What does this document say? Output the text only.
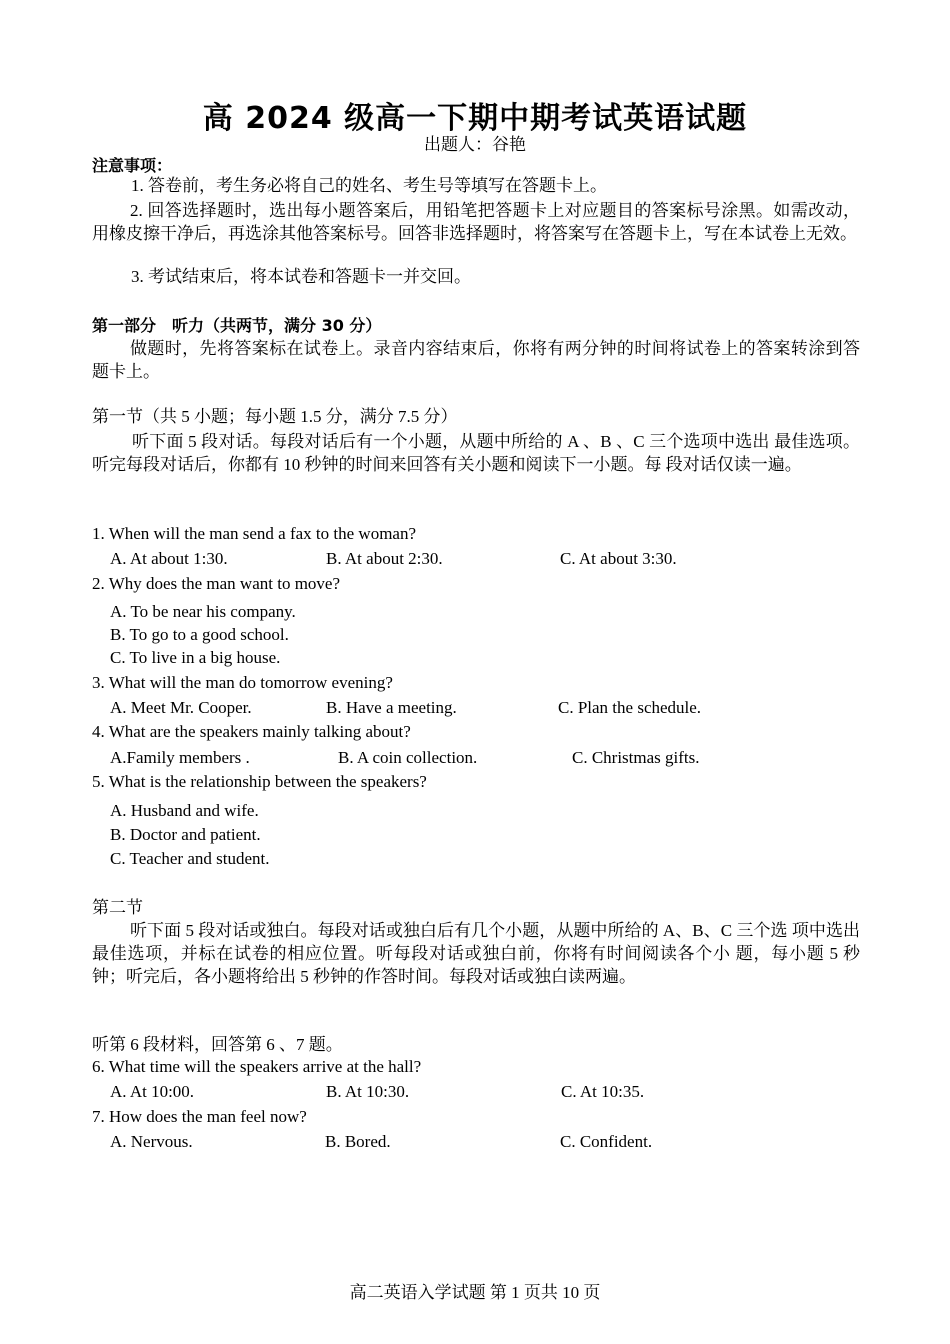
高 2024 级高一下期中期考试英语试题
出题人：谷艳
注意事项：
1. 答卷前，考生务必将自己的姓名、考生号等填写在答题卡上。
2. 回答选择题时，选出每小题答案后，用铅笔把答题卡上对应题目的答案标号涂黑。如需改动，用橡皮擦干净后，再选涂其他答案标号。回答非选择题时，将答案写在答题卡上，写在本试卷上无效。
3. 考试结束后，将本试卷和答题卡一并交回。
第一部分　听力（共两节，满分 30 分）
做题时，先将答案标在试卷上。录音内容结束后，你将有两分钟的时间将试卷上的答案转涂到答题卡上。
第一节（共 5 小题；每小题 1.5 分，满分 7.5 分）
听下面 5 段对话。每段对话后有一个小题，从题中所给的 A 、B 、C 三个选项中选出 最佳选项。听完每段对话后，你都有 10 秒钟的时间来回答有关小题和阅读下一小题。每 段对话仅读一遍。
1. When will the man send a fax to the woman?
A. At about 1:30.	B. At about 2:30.	C. At about 3:30.
2. Why does the man want to move?
A. To be near his company.
B. To go to a good school.
C. To live in a big house.
3. What will the man do tomorrow evening?
A. Meet Mr. Cooper.	B. Have a meeting.	C. Plan the schedule.
4. What are the speakers mainly talking about?
A.Family members .	B. A coin collection.	C. Christmas gifts.
5. What is the relationship between the speakers?
A. Husband and wife.
B. Doctor and patient.
C. Teacher and student.
第二节
听下面 5 段对话或独白。每段对话或独白后有几个小题，从题中所给的 A、B、C 三个选 项中选出最佳选项，并标在试卷的相应位置。听每段对话或独白前，你将有时间阅读各个小 题，每小题 5 秒钟；听完后，各小题将给出 5 秒钟的作答时间。每段对话或独白读两遍。
听第 6 段材料，回答第 6 、7 题。
6. What time will the speakers arrive at the hall?
A. At 10:00.	B. At 10:30.	C. At 10:35.
7. How does the man feel now?
A. Nervous.	B. Bored.	C. Confident.
高二英语入学试题 第 1 页共 10 页
